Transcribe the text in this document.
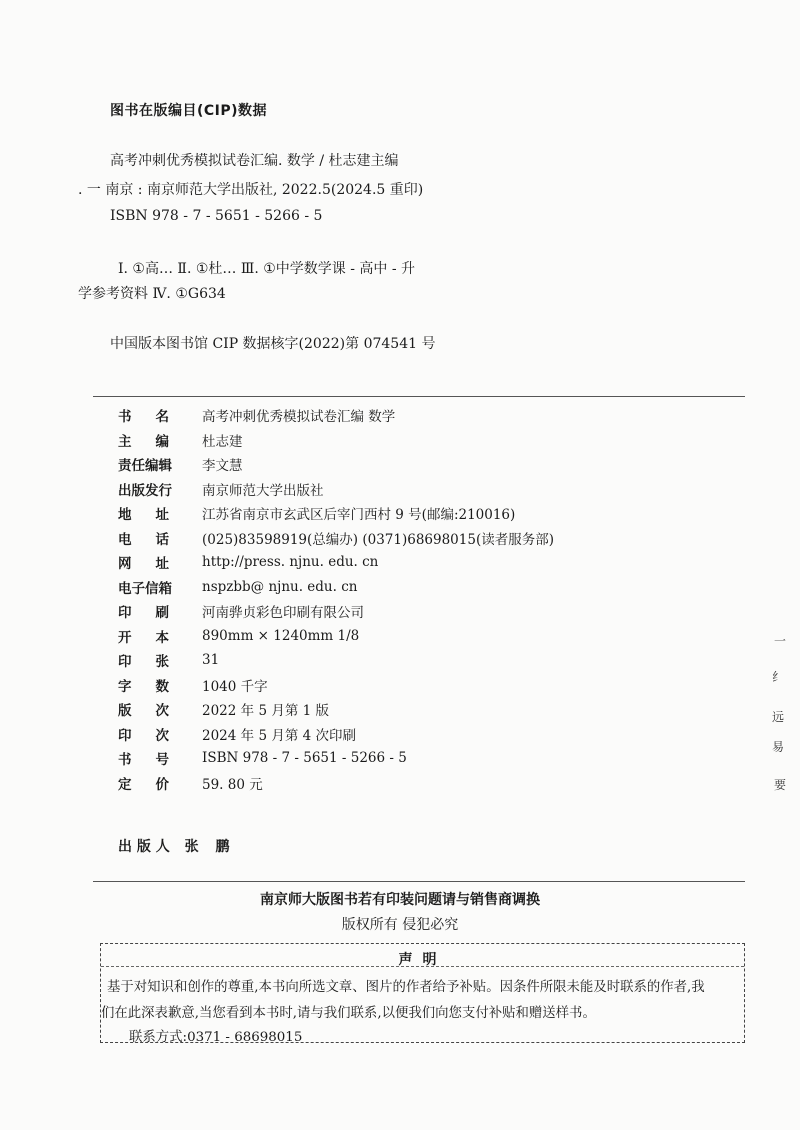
图书在版编目(CIP)数据
高考冲刺优秀模拟试卷汇编. 数学 / 杜志建主编
. 一 南京 : 南京师范大学出版社, 2022.5(2024.5 重印)
ISBN 978 - 7 - 5651 - 5266 - 5
Ⅰ. ①高… Ⅱ. ①杜… Ⅲ. ①中学数学课 - 高中 - 升
学参考资料 Ⅳ. ①G634
中国版本图书馆 CIP 数据核字(2022)第 074541 号
书名 高考冲刺优秀模拟试卷汇编 数学
主编 杜志建
责任编辑	李文慧
出版发行	南京师范大学出版社
地址 江苏省南京市玄武区后宰门西村 9 号(邮编:210016)
电话 (025)83598919(总编办) (0371)68698015(读者服务部)
网址 http://press. njnu. edu. cn
电子信箱	nspzbb@ njnu. edu. cn
印刷 河南骅贞彩色印刷有限公司
开本 890mm × 1240mm 1/8
印张 31
字数 1040 千字
版次 2022 年 5 月第 1 版
印次 2024 年 5 月第 4 次印刷
书号 ISBN 978 - 7 - 5651 - 5266 - 5
定价 59. 80 元
出 版 人 张 鹏
南京师大版图书若有印装问题请与销售商调换
版权所有 侵犯必究
声明
基于对知识和创作的尊重,本书向所选文章、图片的作者给予补贴。因条件所限未能及时联系的作者,我
们在此深表歉意,当您看到本书时,请与我们联系,以便我们向您支付补贴和赠送样书。
联系方式:0371 - 68698015
一
纟
远
易
要
